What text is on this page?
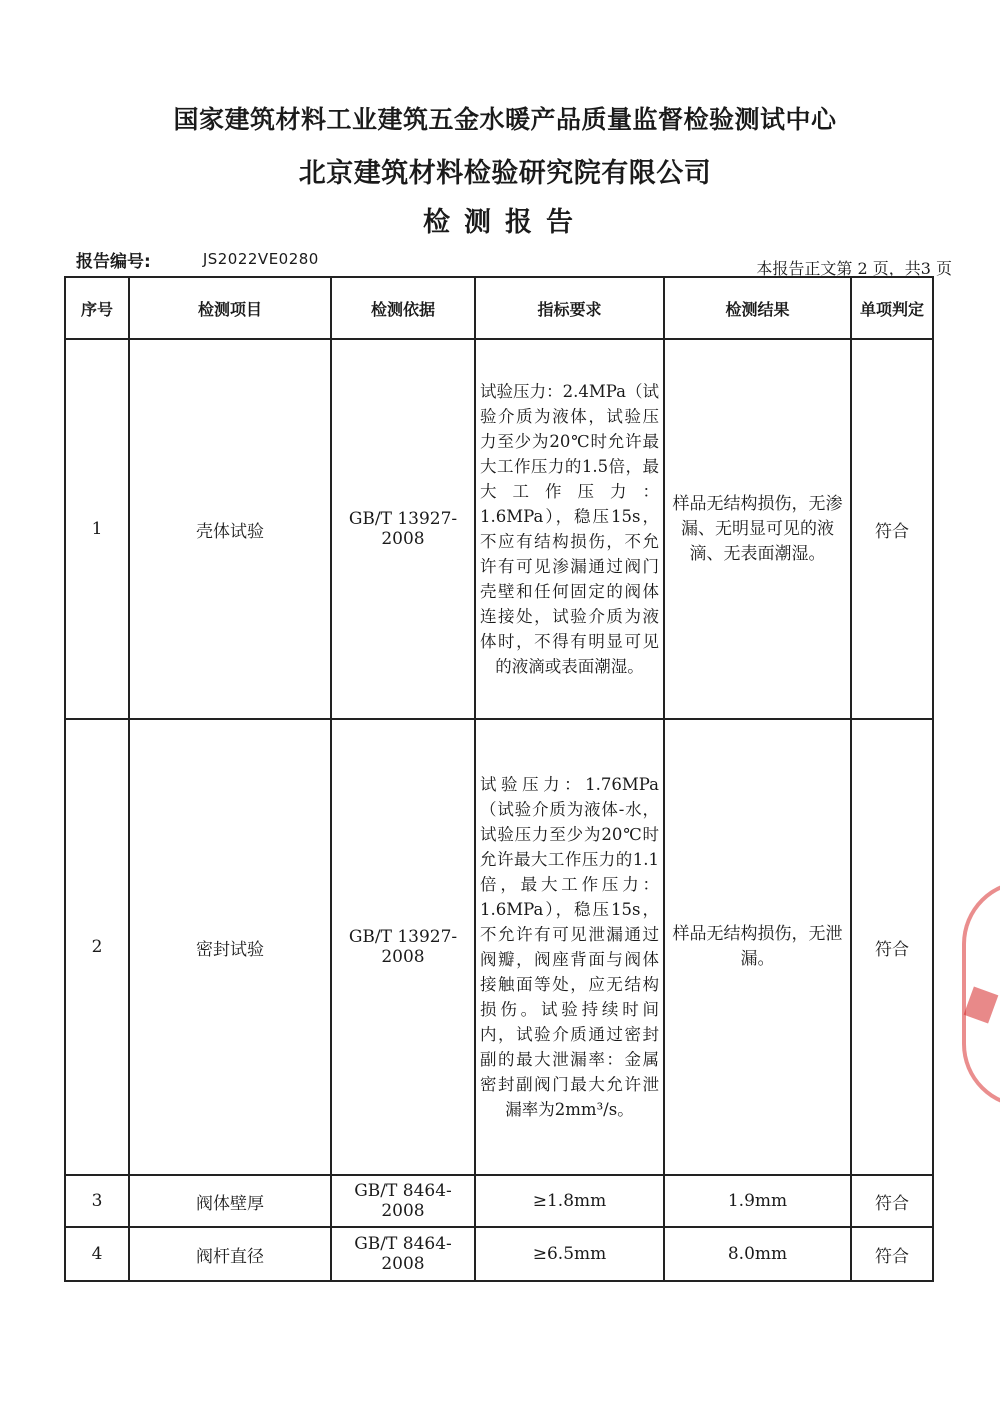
国家建筑材料工业建筑五金水暖产品质量监督检验测试中心
北京建筑材料检验研究院有限公司
检测报告
报告编号:	JS2022VE0280	本报告正文第 2 页，共3 页
序号	检测项目	检测依据	指标要求	检测结果	单项判定
1	壳体试验	GB/T 13927-2008	试验压力：2.4MPa（试验介质为液体，试验压力至少为20℃时允许最大工作压力的1.5倍，最大工作压力：1.6MPa），稳压15s，不应有结构损伤，不允许有可见渗漏通过阀门壳壁和任何固定的阀体连接处，试验介质为液体时，不得有明显可见的液滴或表面潮湿。	样品无结构损伤，无渗漏、无明显可见的液滴、无表面潮湿。	符合
2	密封试验	GB/T 13927-2008	试验压力：1.76MPa（试验介质为液体-水，试验压力至少为20℃时允许最大工作压力的1.1倍，最大工作压力：1.6MPa），稳压15s，不允许有可见泄漏通过阀瓣，阀座背面与阀体接触面等处，应无结构损伤。试验持续时间内，试验介质通过密封副的最大泄漏率：金属密封副阀门最大允许泄漏率为2mm³/s。	样品无结构损伤，无泄漏。	符合
3	阀体壁厚	GB/T 8464-2008	≥1.8mm	1.9mm	符合
4	阀杆直径	GB/T 8464-2008	≥6.5mm	8.0mm	符合
